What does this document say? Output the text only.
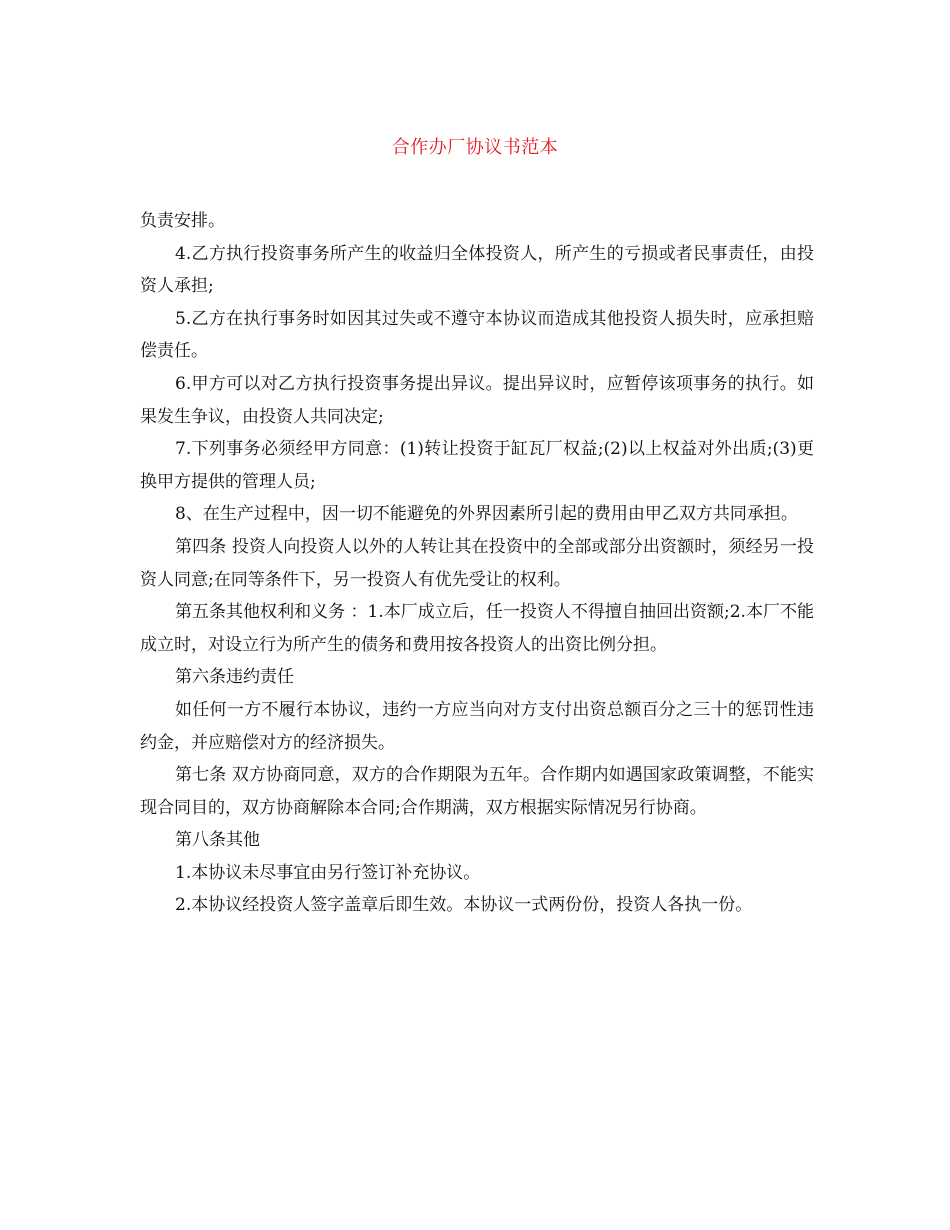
合作办厂协议书范本

负责安排。

4.乙方执行投资事务所产生的收益归全体投资人，所产生的亏损或者民事责任，由投资人承担;

5.乙方在执行事务时如因其过失或不遵守本协议而造成其他投资人损失时，应承担赔偿责任。

6.甲方可以对乙方执行投资事务提出异议。提出异议时，应暂停该项事务的执行。如果发生争议，由投资人共同决定;

7.下列事务必须经甲方同意：(1)转让投资于缸瓦厂权益;(2)以上权益对外出质;(3)更换甲方提供的管理人员;

8、在生产过程中，因一切不能避免的外界因素所引起的费用由甲乙双方共同承担。

第四条 投资人向投资人以外的人转让其在投资中的全部或部分出资额时，须经另一投资人同意;在同等条件下，另一投资人有优先受让的权利。

第五条其他权利和义务 ：1.本厂成立后，任一投资人不得擅自抽回出资额;2.本厂不能成立时，对设立行为所产生的债务和费用按各投资人的出资比例分担。

第六条违约责任

如任何一方不履行本协议，违约一方应当向对方支付出资总额百分之三十的惩罚性违约金，并应赔偿对方的经济损失。

第七条 双方协商同意，双方的合作期限为五年。合作期内如遇国家政策调整，不能实现合同目的，双方协商解除本合同;合作期满，双方根据实际情况另行协商。

第八条其他

1.本协议未尽事宜由另行签订补充协议。

2.本协议经投资人签字盖章后即生效。本协议一式两份份，投资人各执一份。
